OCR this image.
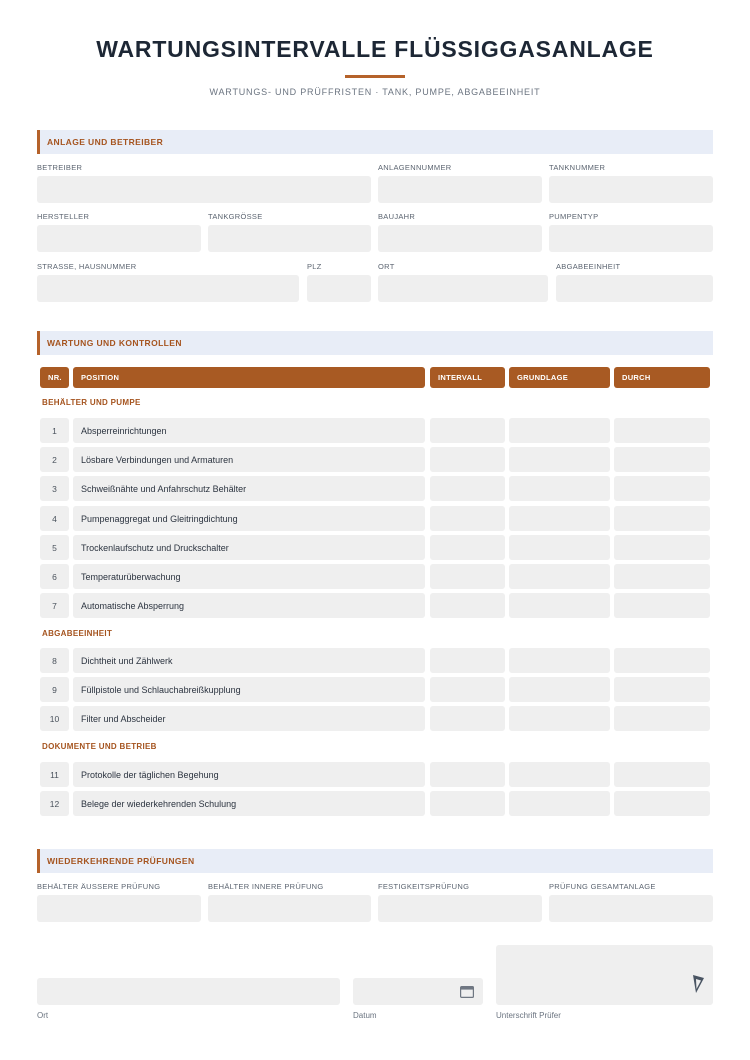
WARTUNGSINTERVALLE FLÜSSIGGASANLAGE
WARTUNGS- UND PRÜFFRISTEN · TANK, PUMPE, ABGABEEINHEIT
ANLAGE UND BETREIBER
BETREIBER	ANLAGENNUMMER	TANKNUMMER
HERSTELLER	TANKGRÖSSE	BAUJAHR	PUMPENTYP
STRASSE, HAUSNUMMER	PLZ	ORT	ABGABEEINHEIT
WARTUNG UND KONTROLLEN
NR.	POSITION	INTERVALL	GRUNDLAGE	DURCH
BEHÄLTER UND PUMPE
1	Absperreinrichtungen
2	Lösbare Verbindungen und Armaturen
3	Schweißnähte und Anfahrschutz Behälter
4	Pumpenaggregat und Gleitringdichtung
5	Trockenlaufschutz und Druckschalter
6	Temperaturüberwachung
7	Automatische Absperrung
ABGABEEINHEIT
8	Dichtheit und Zählwerk
9	Füllpistole und Schlauchabreißkupplung
10	Filter und Abscheider
DOKUMENTE UND BETRIEB
11	Protokolle der täglichen Begehung
12	Belege der wiederkehrenden Schulung
WIEDERKEHRENDE PRÜFUNGEN
BEHÄLTER ÄUSSERE PRÜFUNG	BEHÄLTER INNERE PRÜFUNG	FESTIGKEITSPRÜFUNG	PRÜFUNG GESAMTANLAGE
Ort	Datum	Unterschrift Prüfer
